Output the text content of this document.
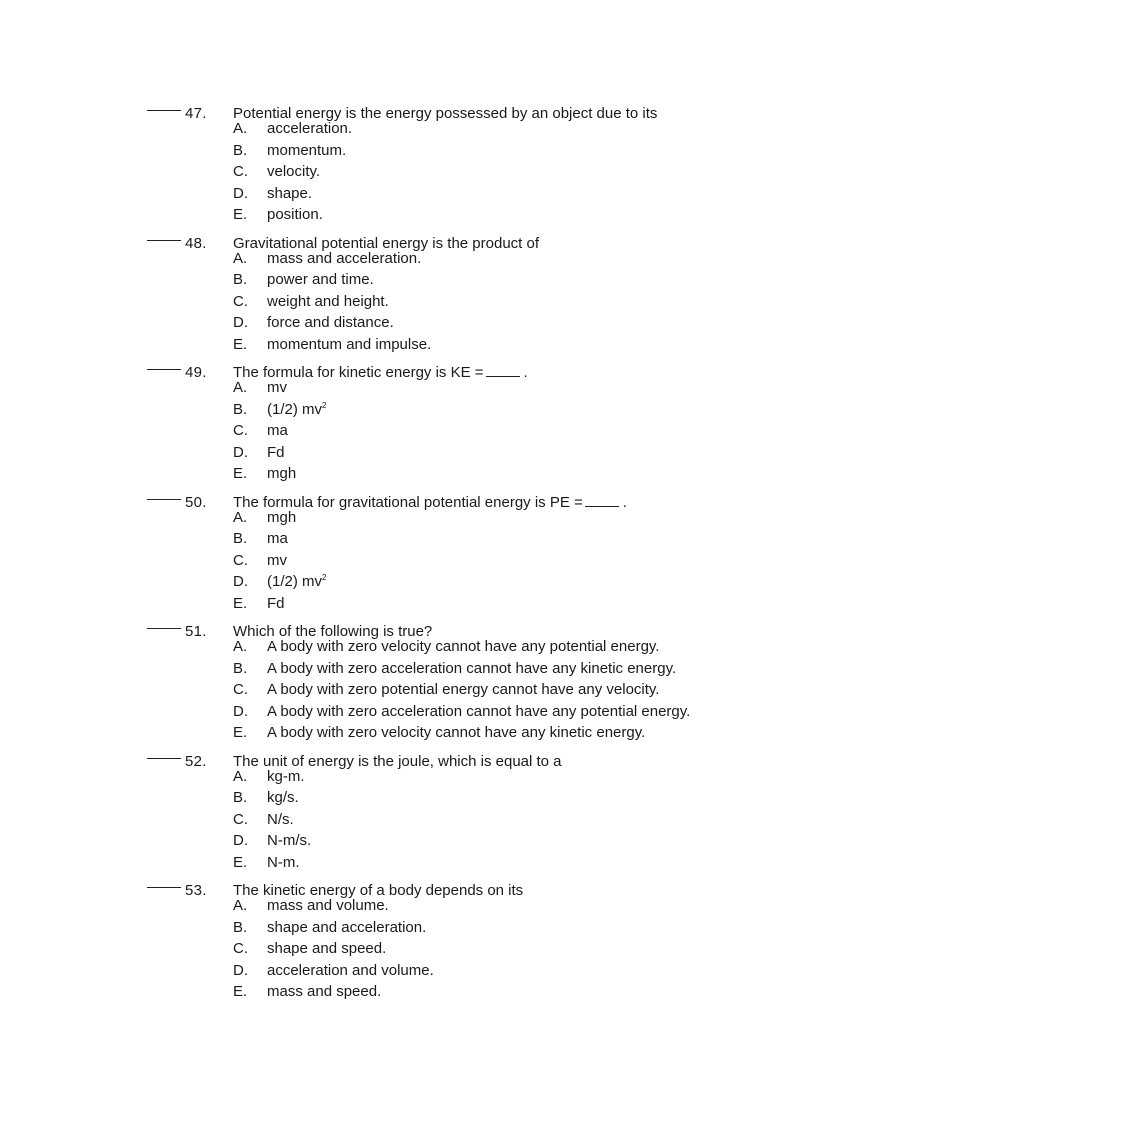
47.	Potential energy is the energy possessed by an object due to its
A.	acceleration.
B.	momentum.
C.	velocity.
D.	shape.
E.	position.
48.	Gravitational potential energy is the product of
A.	mass and acceleration.
B.	power and time.
C.	weight and height.
D.	force and distance.
E.	momentum and impulse.
49.	The formula for kinetic energy is KE =	.
A.	mv
B.	(1/2) $mv^2$
C.	ma
D.	Fd
E.	mgh
50.	The formula for gravitational potential energy is PE =	.
A.	mgh
B.	ma
C.	mv
D.	(1/2) $mv^2$
E.	Fd
51.	Which of the following is true?
A.	A body with zero velocity cannot have any potential energy.
B.	A body with zero acceleration cannot have any kinetic energy.
C.	A body with zero potential energy cannot have any velocity.
D.	A body with zero acceleration cannot have any potential energy.
E.	A body with zero velocity cannot have any kinetic energy.
52.	The unit of energy is the joule, which is equal to a
A.	kg-m.
B.	kg/s.
C.	N/s.
D.	N-m/s.
E.	N-m.
53.	The kinetic energy of a body depends on its
A.	mass and volume.
B.	shape and acceleration.
C.	shape and speed.
D.	acceleration and volume.
E.	mass and speed.
